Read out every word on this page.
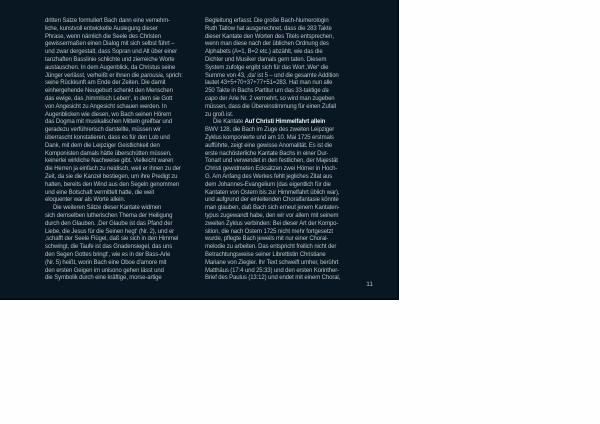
dritten Satze formuliert Bach dann eine vernehm-
liche, kunstvoll entwickelte Auslegung dieser
Phrase, wenn nämlich die Seele des Christen
gewissermaßen einen Dialog mit sich selbst führt –
und zwar dergestalt, dass Sopran und Alt über einer
tanzhaften Basslinie schlichte und zierreiche Worte
austauschen. In dem Augenblick, da Christus seine
Jünger verlässt, verheißt er ihnen die parousia, sprich:
seine Rückkunft am Ende der Zeiten. Die damit
einhergehende Neugeburt schenkt den Menschen
das ewige, das ‚himmlisch Leben‘, in dem sie Gott
von Angesicht zu Angesicht schauen werden. In
Augenblicken wie diesen, wo Bach seinen Hörern
das Dogma mit musikalischen Mitteln greifbar und
geradezu verführerisch darstellte, müssen wir
überrascht konstatieren, dass es für den Lob und
Dank, mit dem die Leipziger Geistlichkeit den
Komponisten damals hätte überschütten müssen,
keinerlei wirkliche Nachweise gibt. Vielleicht waren
die Herren ja einfach zu neidisch, weil er ihnen zu der
Zeit, da sie die Kanzel bestiegen, um ihre Predigt zu
halten, bereits den Wind aus den Segeln genommen
und eine Botschaft vermittelt hatte, die weit
eloquenter war als Worte allein.
Die weiteren Sätze dieser Kantate widmen
sich demselben lutherischen Thema der Heiligung
durch den Glauben. ‚Der Glaube ist das Pfand der
Liebe, die Jesus für die Seinen hegt‘ (Nr. 2), und er
‚schafft der Seele Flügel, daß sie sich in den Himmel
schwingt, die Taufe ist das Gnadensiegel, das uns
den Segen Gottes bringt‘, wie es in der Bass-Arie
(Nr. 5) heißt, worin Bach eine Oboe d'amore mit
den ersten Geigen im unisono gehen lässt und
die Symbolik durch eine kräftige, morse-artige
Begleitung erfasst. Die große Bach-Numerologin
Ruth Tatlow hat ausgerechnet, dass die 283 Takte
dieser Kantate den Worten des Titels entsprechen,
wenn man diese nach der üblichen Ordnung des
Alphabets (A=1, B=2 etc.) abzählt, wie das die
Dichter und Musiker damals gern taten. Diesem
System zufolge ergibt sich für das Wort ‚Wer‘ die
Summe von 43, ‚da‘ ist 5 – und die gesamte Addition
lautet 43+5+70+37+77+51=283. Hat man nun alle
250 Takte in Bachs Partitur um das 33-taktige da
capo der Arie Nr. 2 vermehrt, so wird man zugeben
müssen, dass die Übereinstimmung für einen Zufall
zu groß ist.
Die Kantate Auf Christi Himmelfahrt allein
BWV 128, die Bach im Zuge des zweiten Leipziger
Zyklus komponierte und am 10. Mai 1725 erstmals
aufführte, zeigt eine gewisse Anomalität. Es ist die
erste nachösterliche Kantate Bachs in einer Dur-
Tonart und verwendet in den festlichen, der Majestät
Christi gewidmeten Ecksätzen zwei Hörner in Hoch-
G. Am Anfang des Werkes fehlt jegliches Zitat aus
dem Johannes-Evangelium (das eigentlich für die
Kantaten von Ostern bis zur Himmelfahrt üblich war),
und aufgrund der einleitenden Choralfantasie könnte
man glauben, daß Bach sich erneut jenem Kantaten-
typus zugewandt habe, den wir vor allem mit seinem
zweiten Zyklus verbinden: Bei dieser Art der Kompo-
sition, die nach Ostern 1725 nicht mehr fortgesetzt
wurde, pflegte Bach jeweils mit nur einer Choral-
melodie zu arbeiten. Das entspricht freilich nicht der
Betrachtungsweise seiner Librettistin Christiane
Mariane von Ziegler. Ihr Text schweift umher, berührt
Matthäus (17:4 und 25:33) und den ersten Korinther-
Brief des Paulus (13:12) und endet mit einem Choral,
11
